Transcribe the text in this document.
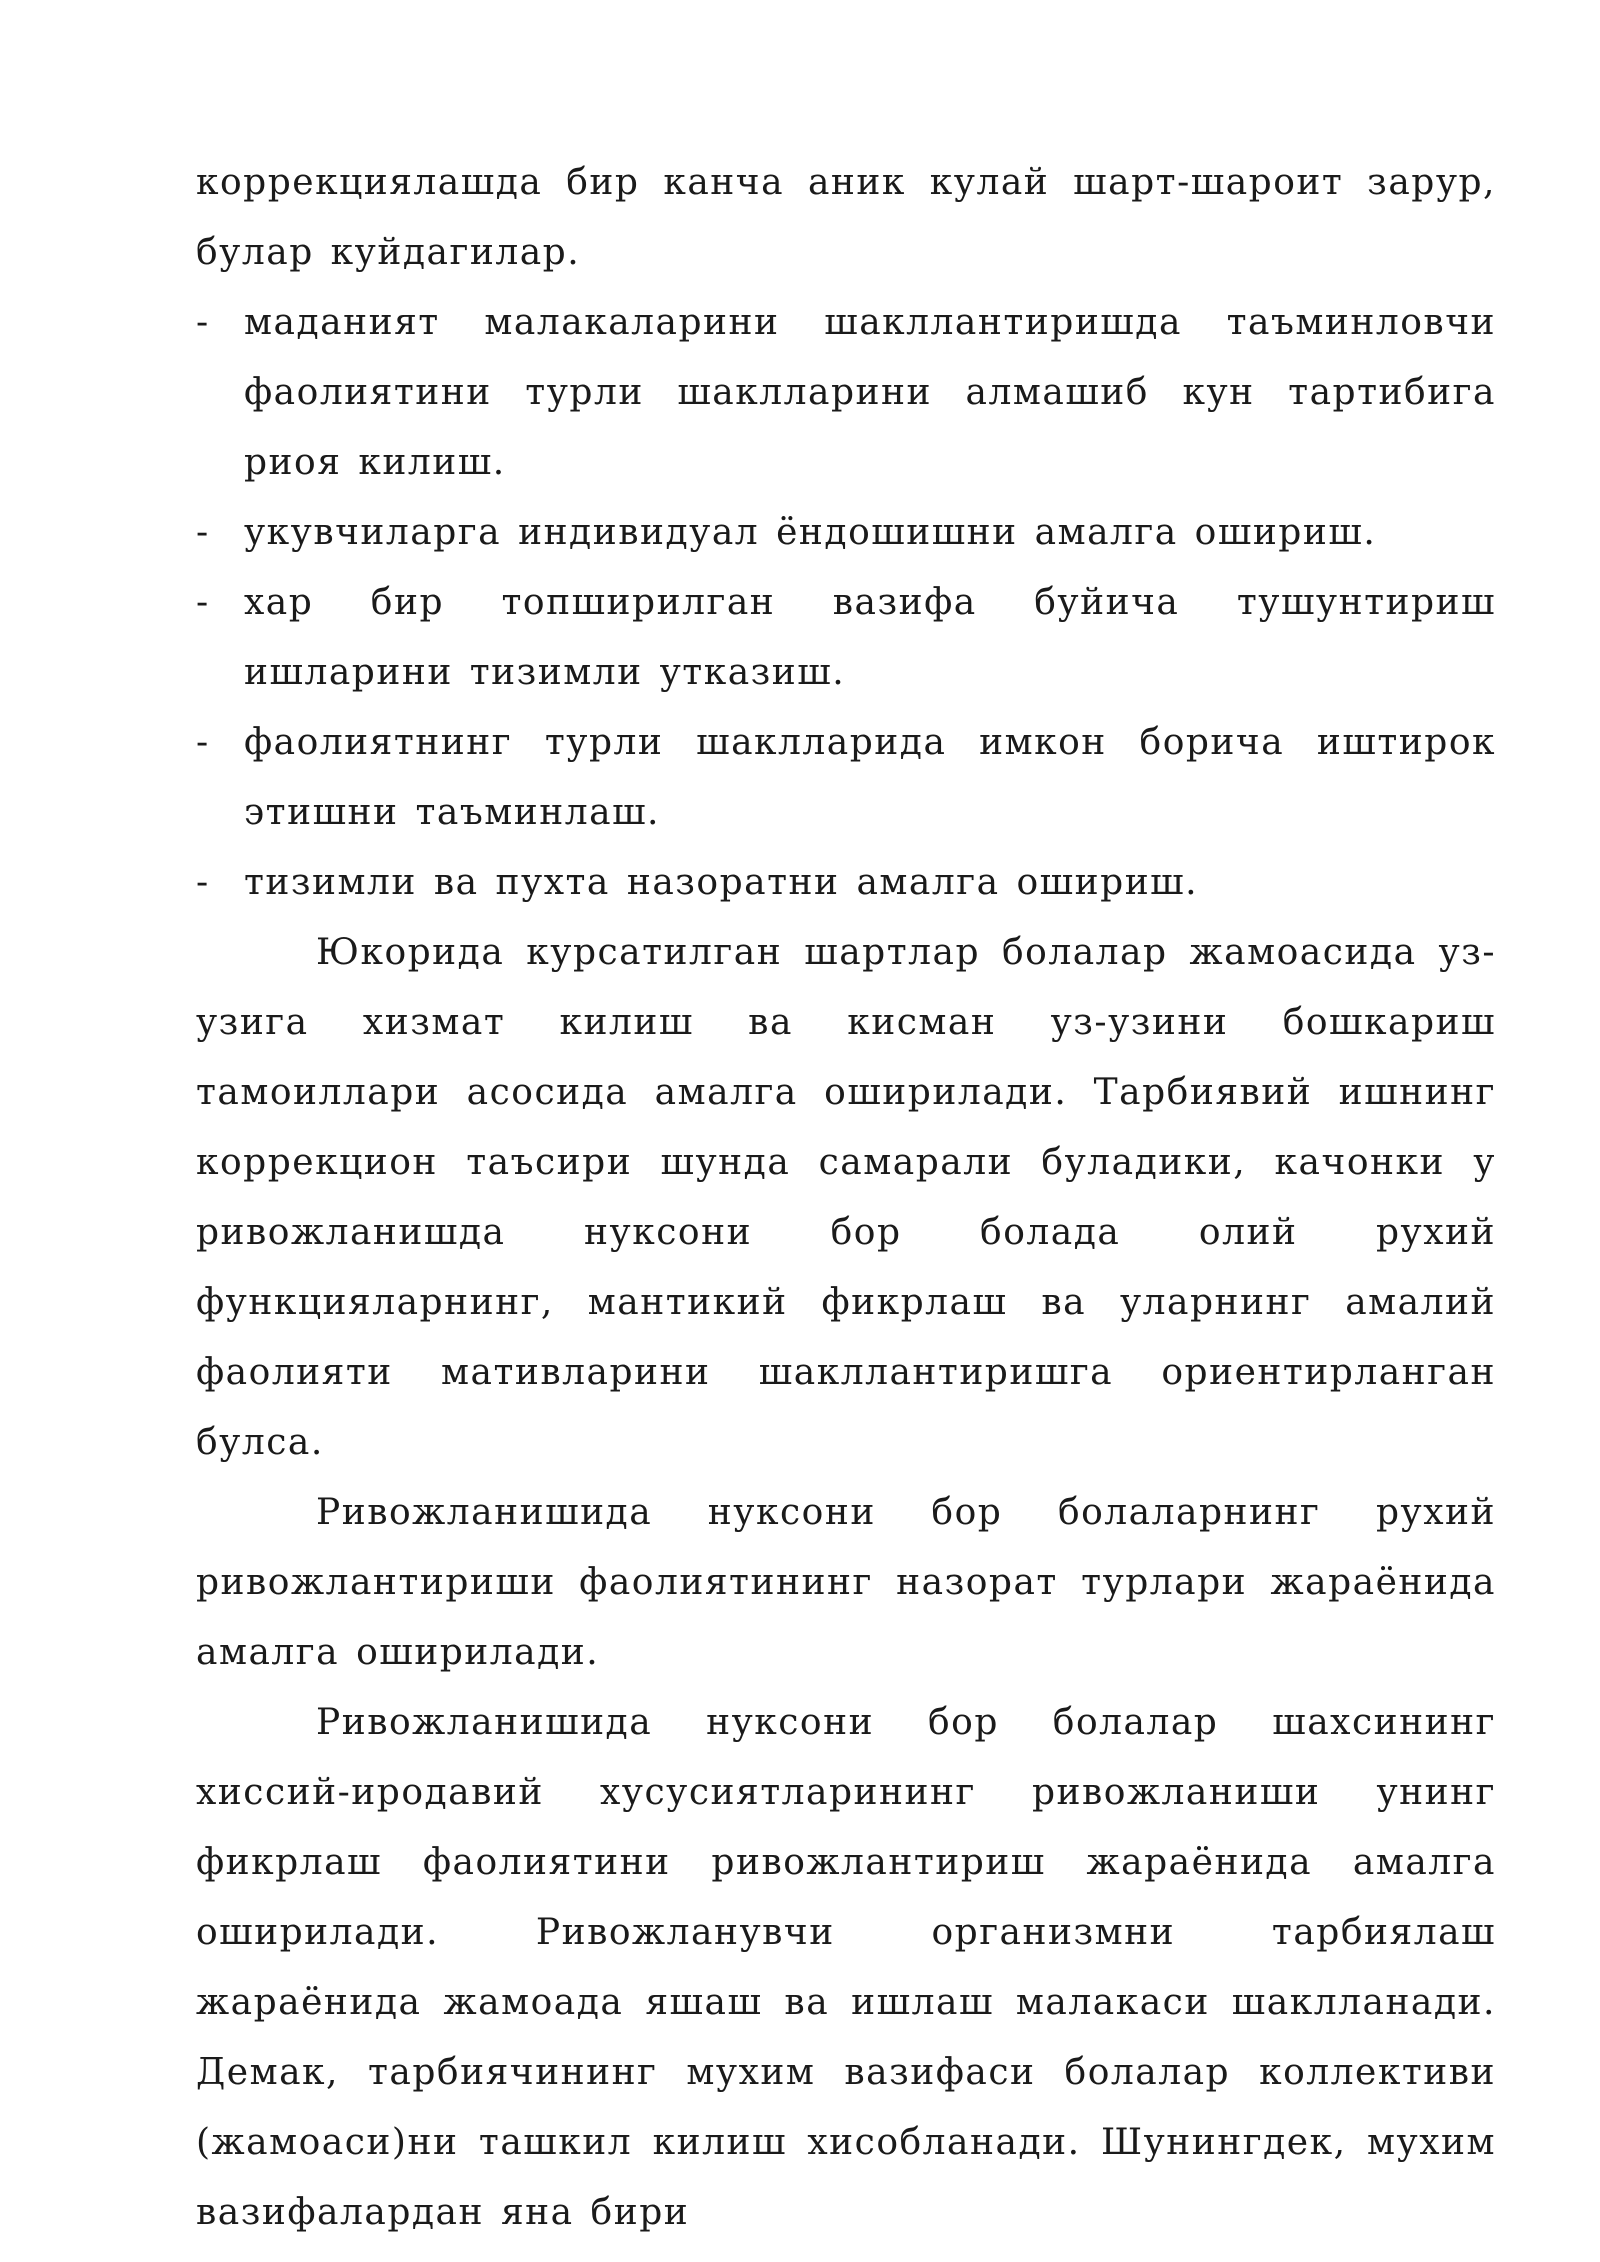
коррекциялашда бир канча аник кулай шарт-шароит зарур, булар куйдагилар.

- маданият малакаларини шакллантиришда таъминловчи фаолиятини турли шаклларини алмашиб кун тартибига риоя килиш.
- укувчиларга индивидуал ёндошишни амалга ошириш.
- хар бир топширилган вазифа буйича тушунтириш ишларини тизимли утказиш.
- фаолиятнинг турли шаклларида имкон борича иштирок этишни таъминлаш.
- тизимли ва пухта назоратни амалга ошириш.

Юкорида курсатилган шартлар болалар жамоасида уз-узига хизмат килиш ва кисман уз-узини бошкариш тамоиллари асосида амалга оширилади. Тарбиявий ишнинг коррекцион таъсири шунда самарали буладики, качонки у ривожланишда нуксони бор болада олий рухий функцияларнинг, мантикий фикрлаш ва уларнинг амалий фаолияти мативларини шакллантиришга ориентирланган булса.

Ривожланишида нуксони бор болаларнинг рухий ривожлантириши фаолиятининг назорат турлари жараёнида амалга оширилади.

Ривожланишида нуксони бор болалар шахсининг хиссий-иродавий хусусиятларининг ривожланиши унинг фикрлаш фаолиятини ривожлантириш жараёнида амалга оширилади. Ривожланувчи организмни тарбиялаш жараёнида жамоада яшаш ва ишлаш малакаси шаклланади. Демак, тарбиячининг мухим вазифаси болалар коллективи (жамоаси)ни ташкил килиш хисобланади. Шунингдек, мухим вазифалардан яна бири
